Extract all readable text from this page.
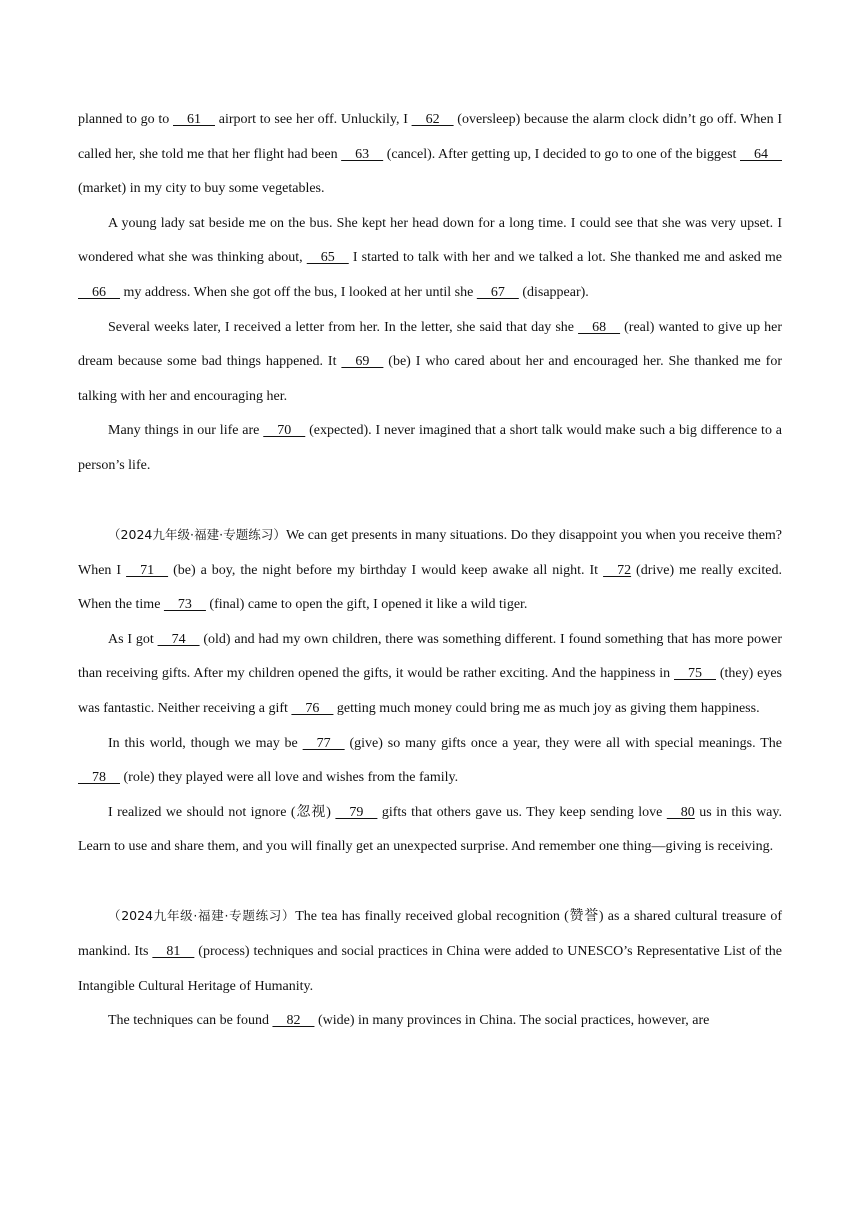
planned to go to     61     airport to see her off. Unluckily, I     62     (oversleep) because the alarm clock didn’t go off. When I called her, she told me that her flight had been     63     (cancel). After getting up, I decided to go to one of the biggest     64     (market) in my city to buy some vegetables.

A young lady sat beside me on the bus. She kept her head down for a long time. I could see that she was very upset. I wondered what she was thinking about,     65     I started to talk with her and we talked a lot. She thanked me and asked me     66     my address. When she got off the bus, I looked at her until she     67     (disappear).

Several weeks later, I received a letter from her. In the letter, she said that day she     68     (real) wanted to give up her dream because some bad things happened. It     69     (be) I who cared about her and encouraged her. She thanked me for talking with her and encouraging her.

Many things in our life are     70     (expected). I never imagined that a short talk would make such a big difference to a person’s life.

（2024九年级·福建·专题练习）We can get presents in many situations. Do they disappoint you when you receive them? When I     71     (be) a boy, the night before my birthday I would keep awake all night. It     72 (drive) me really excited. When the time     73     (final) came to open the gift, I opened it like a wild tiger.

As I got     74     (old) and had my own children, there was something different. I found something that has more power than receiving gifts. After my children opened the gifts, it would be rather exciting. And the happiness in     75     (they) eyes was fantastic. Neither receiving a gift     76     getting much money could bring me as much joy as giving them happiness.

In this world, though we may be     77     (give) so many gifts once a year, they were all with special meanings. The     78     (role) they played were all love and wishes from the family.

I realized we should not ignore (忽视)     79     gifts that others gave us. They keep sending love     80 us in this way. Learn to use and share them, and you will finally get an unexpected surprise. And remember one thing—giving is receiving.

（2024九年级·福建·专题练习）The tea has finally received global recognition (赞誉) as a shared cultural treasure of mankind. Its     81     (process) techniques and social practices in China were added to UNESCO’s Representative List of the Intangible Cultural Heritage of Humanity.

The techniques can be found     82     (wide) in many provinces in China. The social practices, however, are
